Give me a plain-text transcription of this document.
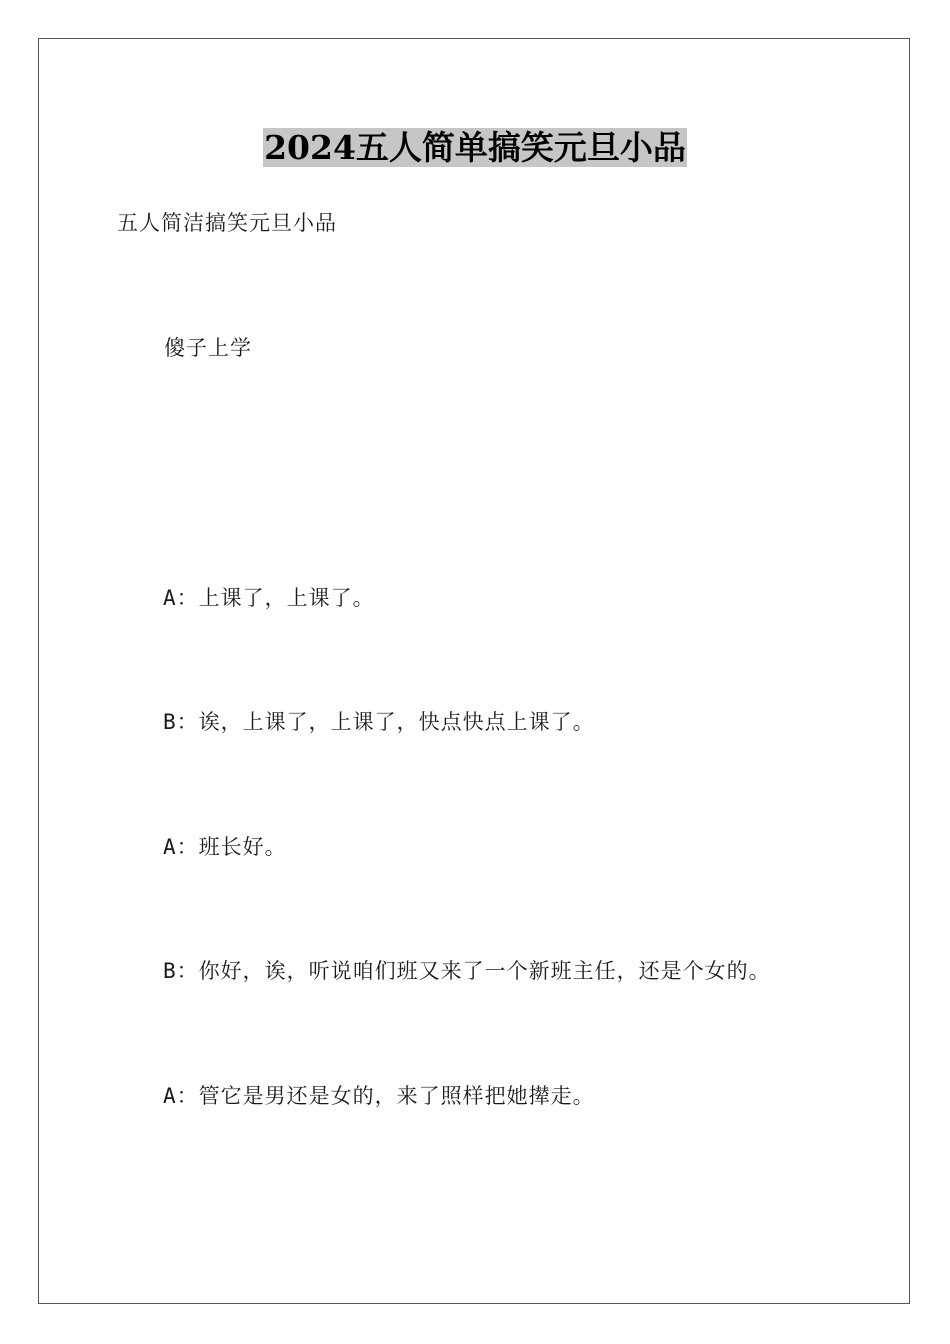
2024五人简单搞笑元旦小品
五人简洁搞笑元旦小品
傻子上学
A：上课了，上课了。
B：诶，上课了，上课了，快点快点上课了。
A：班长好。
B：你好，诶，听说咱们班又来了一个新班主任，还是个女的。
A：管它是男还是女的，来了照样把她撵走。
